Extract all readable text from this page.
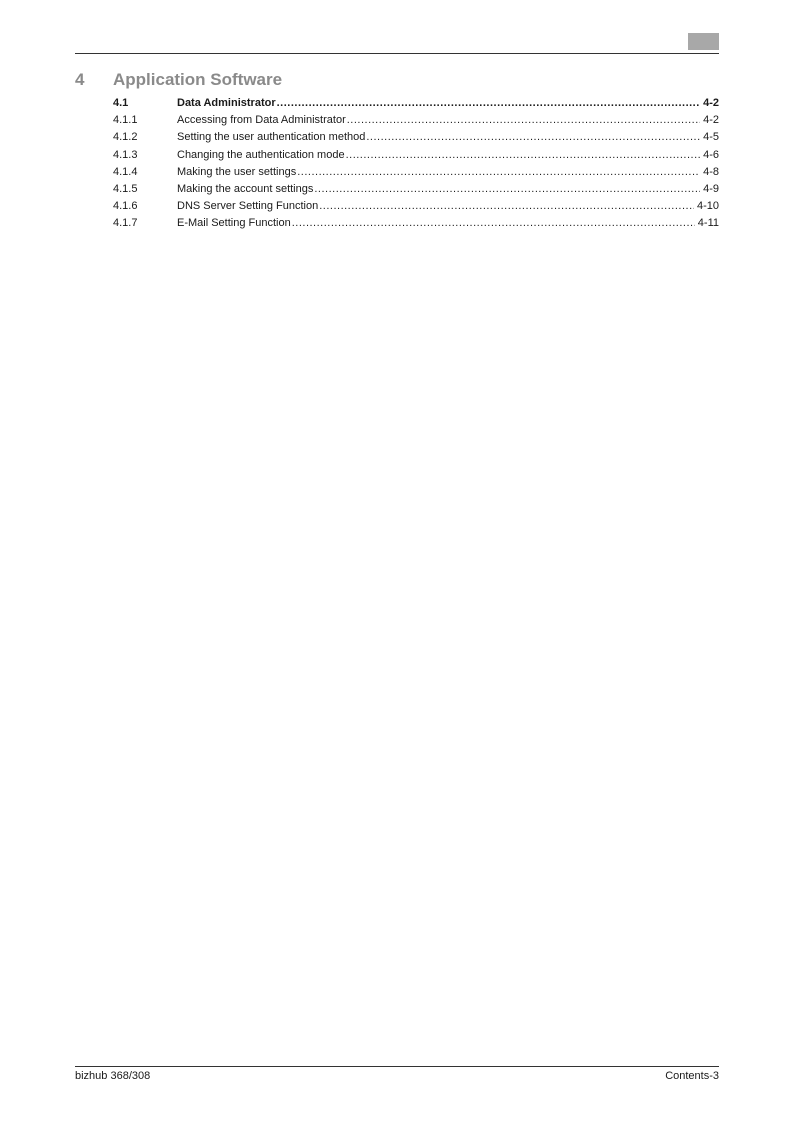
4 Application Software
4.1	Data Administrator .....	4-2
4.1.1	Accessing from Data Administrator .....	4-2
4.1.2	Setting the user authentication method .....	4-5
4.1.3	Changing the authentication mode .....	4-6
4.1.4	Making the user settings .....	4-8
4.1.5	Making the account settings .....	4-9
4.1.6	DNS Server Setting Function .....	4-10
4.1.7	E-Mail Setting Function .....	4-11
bizhub 368/308	Contents-3
